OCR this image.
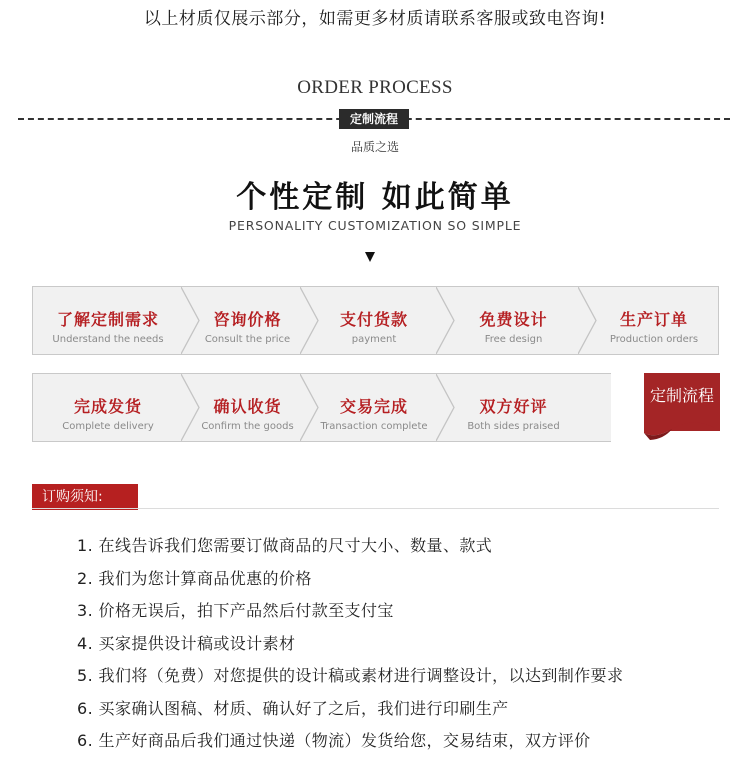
以上材质仅展示部分，如需更多材质请联系客服或致电咨询!
ORDER PROCESS
定制流程
品质之选
个性定制 如此简单
PERSONALITY CUSTOMIZATION SO SIMPLE
了解定制需求
Understand the needs
咨询价格
Consult the price
支付货款
payment
免费设计
Free design
生产订单
Production orders
完成发货
Complete delivery
确认收货
Confirm the goods
交易完成
Transaction complete
双方好评
Both sides praised
定制流程
订购须知:
1. 在线告诉我们您需要订做商品的尺寸大小、数量、款式
2. 我们为您计算商品优惠的价格
3. 价格无误后，拍下产品然后付款至支付宝
4. 买家提供设计稿或设计素材
5. 我们将（免费）对您提供的设计稿或素材进行调整设计，以达到制作要求
6. 买家确认图稿、材质、确认好了之后，我们进行印刷生产
6. 生产好商品后我们通过快递（物流）发货给您，交易结束，双方评价
